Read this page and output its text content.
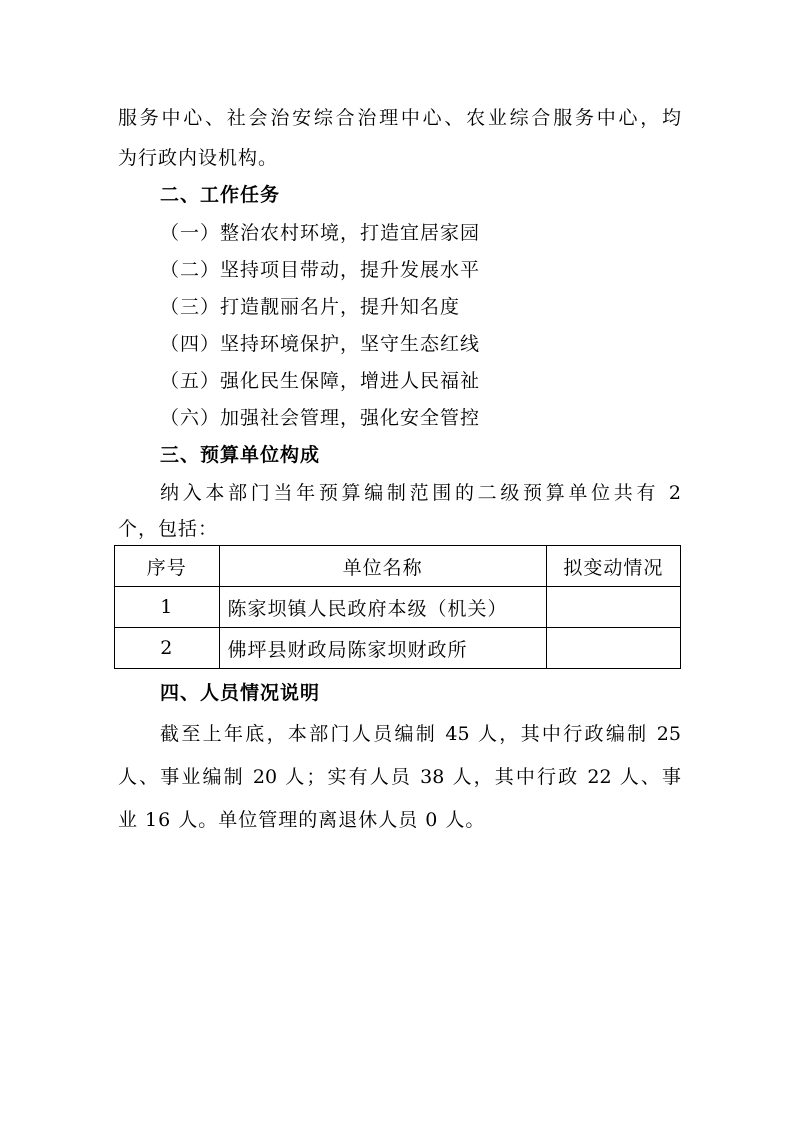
服务中心、社会治安综合治理中心、农业综合服务中心，均
为行政内设机构。
二、工作任务
（一）整治农村环境，打造宜居家园
（二）坚持项目带动，提升发展水平
（三）打造靓丽名片，提升知名度
（四）坚持环境保护，坚守生态红线
（五）强化民生保障，增进人民福祉
（六）加强社会管理，强化安全管控
三、预算单位构成
纳入本部门当年预算编制范围的二级预算单位共有 2
个，包括：
序号	单位名称	拟变动情况
1	陈家坝镇人民政府本级（机关）	
2	佛坪县财政局陈家坝财政所	
四、人员情况说明
截至上年底，本部门人员编制 45 人，其中行政编制 25
人、事业编制 20 人；实有人员 38 人，其中行政 22 人、事
业 16 人。单位管理的离退休人员 0 人。
